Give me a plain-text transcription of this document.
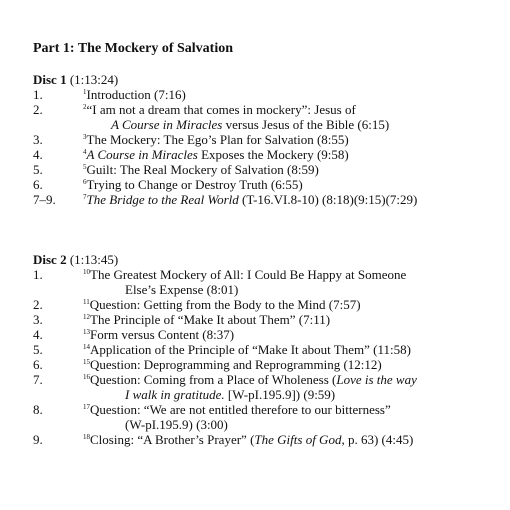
Part 1: The Mockery of Salvation
Disc 1 (1:13:24)
1.	$^1$Introduction (7:16)
2.	$^2$“I am not a dream that comes in mockery”: Jesus of
A Course in Miracles versus Jesus of the Bible (6:15)
3.	$^3$The Mockery: The Ego’s Plan for Salvation (8:55)
4.	$^4$A Course in Miracles Exposes the Mockery (9:58)
5.	$^5$Guilt: The Real Mockery of Salvation (8:59)
6.	$^6$Trying to Change or Destroy Truth (6:55)
7–9.	$^7$The Bridge to the Real World (T-16.VI.8-10) (8:18)(9:15)(7:29)
Disc 2 (1:13:45)
1.	$^{10}$The Greatest Mockery of All: I Could Be Happy at Someone
Else’s Expense (8:01)
2.	$^{11}$Question: Getting from the Body to the Mind (7:57)
3.	$^{12}$The Principle of “Make It about Them” (7:11)
4.	$^{13}$Form versus Content (8:37)
5.	$^{14}$Application of the Principle of “Make It about Them” (11:58)
6.	$^{15}$Question: Deprogramming and Reprogramming (12:12)
7.	$^{16}$Question: Coming from a Place of Wholeness (Love is the way
I walk in gratitude. [W-pI.195.9]) (9:59)
8.	$^{17}$Question: “We are not entitled therefore to our bitterness”
(W-pI.195.9) (3:00)
9.	$^{18}$Closing: “A Brother’s Prayer” (The Gifts of God, p. 63) (4:45)
